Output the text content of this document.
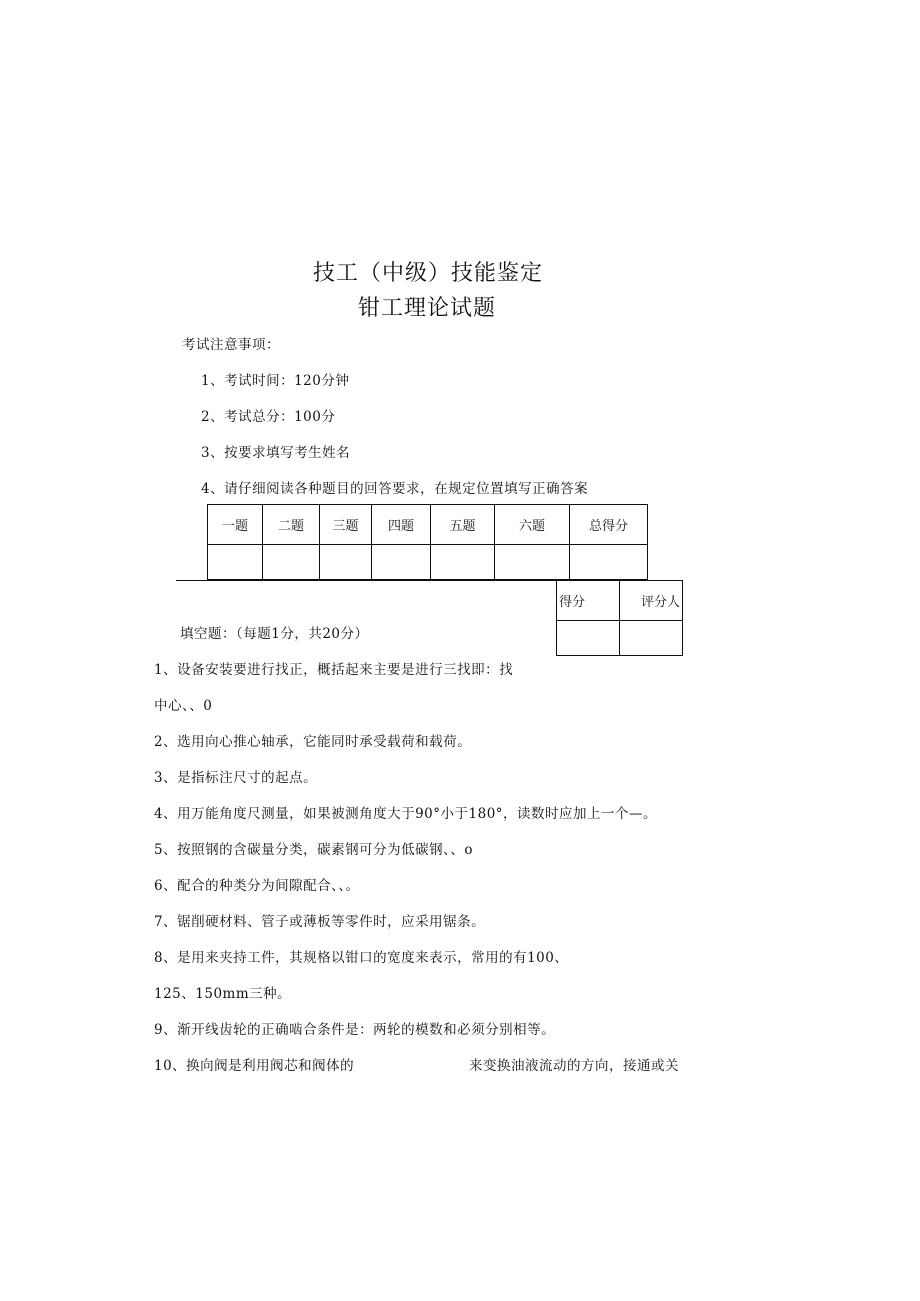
技工（中级）技能鉴定
钳工理论试题
考试注意事项：
1、考试时间：120分钟
2、考试总分：100分
3、按要求填写考生姓名
4、请仔细阅读各种题目的回答要求，在规定位置填写正确答案
一题	二题	三题	四题	五题	六题	总得分

得分	评分人

填空题：（每题1分，共20分）
1、设备安装要进行找正，概括起来主要是进行三找即：找
中心、、0
2、选用向心推心轴承，它能同时承受载荷和载荷。
3、是指标注尺寸的起点。
4、用万能角度尺测量，如果被测角度大于90°小于180°，读数时应加上一个—。
5、按照钢的含碳量分类，碳素钢可分为低碳钢、、o
6、配合的种类分为间隙配合、、。
7、锯削硬材料、管子或薄板等零件时，应采用锯条。
8、是用来夹持工件，其规格以钳口的宽度来表示，常用的有100、
125、150mm三种。
9、渐开线齿轮的正确啮合条件是：两轮的模数和必须分别相等。
10、换向阀是利用阀芯和阀体的	来变换油液流动的方向，接通或关
